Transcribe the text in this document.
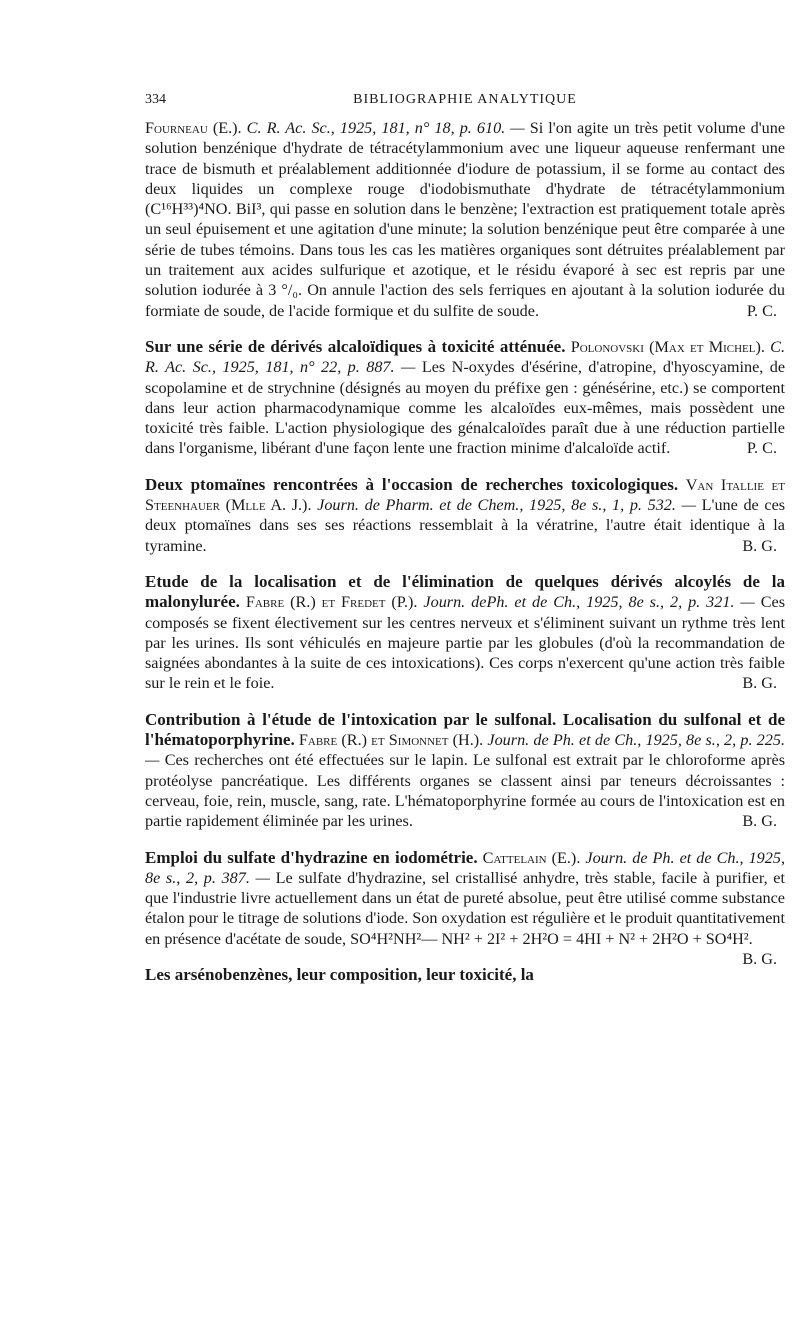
334	BIBLIOGRAPHIE ANALYTIQUE

Fourneau (E.). C. R. Ac. Sc., 1925, 181, n° 18, p. 610. — Si l'on agite un très petit volume d'une solution benzénique d'hydrate de tétracétylammonium avec une liqueur aqueuse renfermant une trace de bismuth et préalablement additionnée d'iodure de potassium, il se forme au contact des deux liquides un complexe rouge d'iodobismuthate d'hydrate de tétracétylammonium (C¹⁶H³³)⁴NO. BiI³, qui passe en solution dans le benzène; l'extraction est pratiquement totale après un seul épuisement et une agitation d'une minute; la solution benzénique peut être comparée à une série de tubes témoins. Dans tous les cas les matières organiques sont détruites préalablement par un traitement aux acides sulfurique et azotique, et le résidu évaporé à sec est repris par une solution iodurée à 3 °/₀. On annule l'action des sels ferriques en ajoutant à la solution iodurée du formiate de soude, de l'acide formique et du sulfite de soude.	P. C.

Sur une série de dérivés alcaloïdiques à toxicité atténuée. Polonovski (Max et Michel). C. R. Ac. Sc., 1925, 181, n° 22, p. 887. — Les N-oxydes d'ésérine, d'atropine, d'hyoscyamine, de scopolamine et de strychnine (désignés au moyen du préfixe gen : génésérine, etc.) se comportent dans leur action pharmacodynamique comme les alcaloïdes eux-mêmes, mais possèdent une toxicité très faible. L'action physiologique des génalcaloïdes paraît due à une réduction partielle dans l'organisme, libérant d'une façon lente une fraction minime d'alcaloïde actif.	P. C.

Deux ptomaïnes rencontrées à l'occasion de recherches toxicologiques. Van Itallie et Steenhauer (Mlle A. J.). Journ. de Pharm. et de Chem., 1925, 8e s., 1, p. 532. — L'une de ces deux ptomaïnes dans ses ses réactions ressemblait à la vératrine, l'autre était identique à la tyramine.	B. G.

Etude de la localisation et de l'élimination de quelques dérivés alcoylés de la malonylurée. Fabre (R.) et Fredet (P.). Journ. dePh. et de Ch., 1925, 8e s., 2, p. 321. — Ces composés se fixent électivement sur les centres nerveux et s'éliminent suivant un rythme très lent par les urines. Ils sont véhiculés en majeure partie par les globules (d'où la recommandation de saignées abondantes à la suite de ces intoxications). Ces corps n'exercent qu'une action très faible sur le rein et le foie.	B. G.

Contribution à l'étude de l'intoxication par le sulfonal. Localisation du sulfonal et de l'hématoporphyrine. Fabre (R.) et Simonnet (H.). Journ. de Ph. et de Ch., 1925, 8e s., 2, p. 225. — Ces recherches ont été effectuées sur le lapin. Le sulfonal est extrait par le chloroforme après protéolyse pancréatique. Les différents organes se classent ainsi par teneurs décroissantes : cerveau, foie, rein, muscle, sang, rate. L'hématoporphyrine formée au cours de l'intoxication est en partie rapidement éliminée par les urines.	B. G.

Emploi du sulfate d'hydrazine en iodométrie. Cattelain (E.). Journ. de Ph. et de Ch., 1925, 8e s., 2, p. 387. — Le sulfate d'hydrazine, sel cristallisé anhydre, très stable, facile à purifier, et que l'industrie livre actuellement dans un état de pureté absolue, peut être utilisé comme substance étalon pour le titrage de solutions d'iode. Son oxydation est régulière et le produit quantitativement en présence d'acétate de soude, SO⁴H²NH²— NH² + 2I² + 2H²O = 4HI + N² + 2H²O + SO⁴H².
B. G.

Les arsénobenzènes, leur composition, leur toxicité, la
